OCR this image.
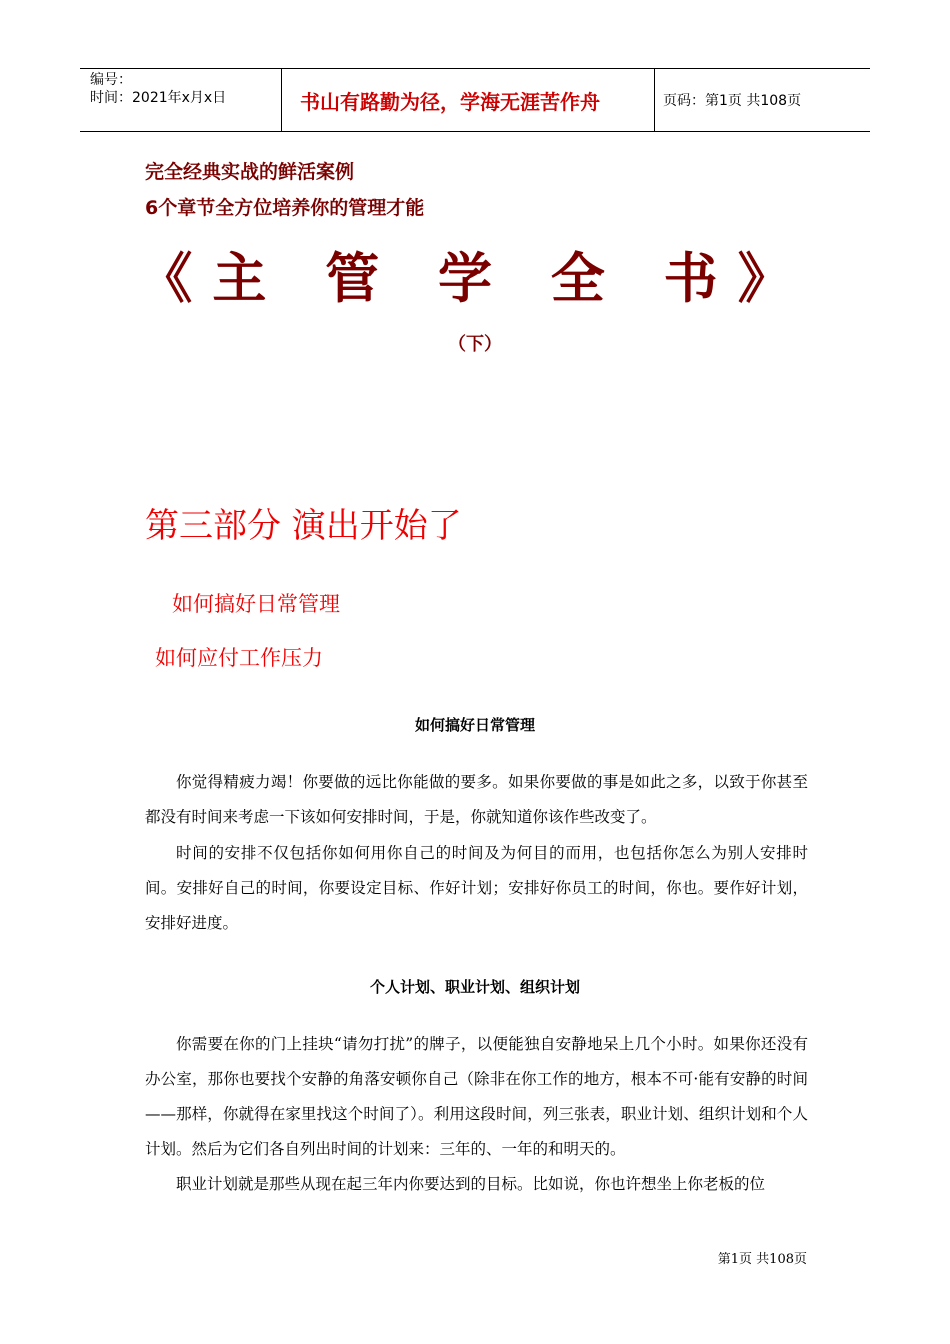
编号：
时间：2021年x月x日	书山有路勤为径，学海无涯苦作舟	页码：第1页 共108页
完全经典实战的鲜活案例
6个章节全方位培养你的管理才能
《主 管 学 全 书》
（下）
第三部分 演出开始了
如何搞好日常管理
如何应付工作压力
如何搞好日常管理
你觉得精疲力竭！你要做的远比你能做的要多。如果你要做的事是如此之多，以致于你甚至都没有时间来考虑一下该如何安排时间，于是，你就知道你该作些改变了。
时间的安排不仅包括你如何用你自己的时间及为何目的而用，也包括你怎么为别人安排时间。安排好自己的时间，你要设定目标、作好计划；安排好你员工的时间，你也。要作好计划，安排好进度。
个人计划、职业计划、组织计划
你需要在你的门上挂块“请勿打扰”的牌子，以便能独自安静地呆上几个小时。如果你还没有办公室，那你也要找个安静的角落安顿你自己（除非在你工作的地方，根本不可·能有安静的时间——那样，你就得在家里找这个时间了）。利用这段时间，列三张表，职业计划、组织计划和个人计划。然后为它们各自列出时间的计划来：三年的、一年的和明天的。
职业计划就是那些从现在起三年内你要达到的目标。比如说，你也许想坐上你老板的位
第1页 共108页
